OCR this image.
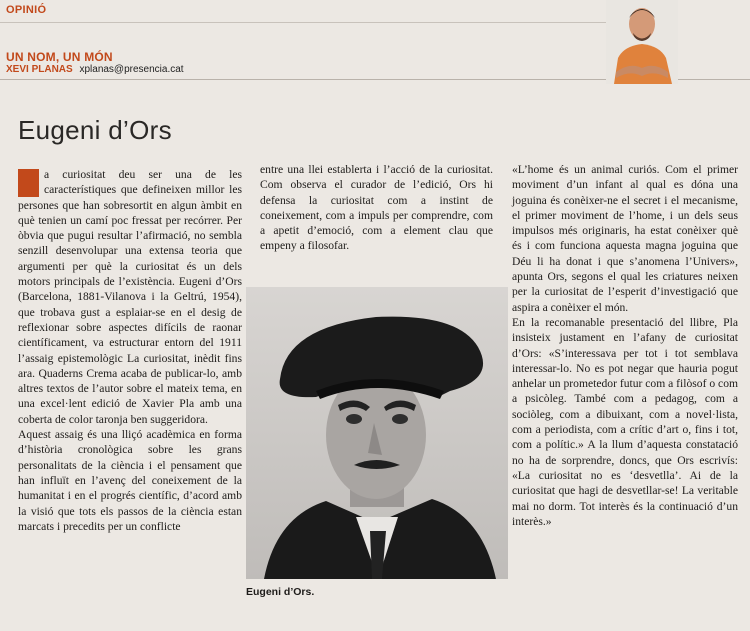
OPINIÓ
UN NOM, UN MÓN
XEVI PLANAS xplanas@presencia.cat
Eugeni d’Ors

a curiositat deu ser una de les característiques que defineixen millor les persones que han sobresortit en algun àmbit en què tenien un camí poc fressat per recórrer. Per òbvia que pugui resultar l’afirmació, no sembla senzill desenvolupar una extensa teoria que argumenti per què la curiositat és un dels motors principals de l’existència. Eugeni d’Ors (Barcelona, 1881-Vilanova i la Geltrú, 1954), que trobava gust a esplaiar-se en el desig de reflexionar sobre aspectes difícils de raonar científicament, va estructurar entorn del 1911 l’assaig epistemològic La curiositat, inèdit fins ara. Quaderns Crema acaba de publicar-lo, amb altres textos de l’autor sobre el mateix tema, en una excel·lent edició de Xavier Pla amb una coberta de color taronja ben suggeridora.

Aquest assaig és una lliçó acadèmica en forma d’història cronològica sobre les grans personalitats de la ciència i el pensament que han influït en l’avenç del coneixement de la humanitat i en el progrés científic, d’acord amb la visió que tots els passos de la ciència estan marcats i precedits per un conflicte

entre una llei establerta i l’acció de la curiositat. Com observa el curador de l’edició, Ors hi defensa la curiositat com a instint de coneixement, com a impuls per comprendre, com a apetit d’emoció, com a element clau que empeny a filosofar.

Eugeni d’Ors.

«L’home és un animal curiós. Com el primer moviment d’un infant al qual es dóna una joguina és conèixer-ne el secret i el mecanisme, el primer moviment de l’home, i un dels seus impulsos més originaris, ha estat conèixer què és i com funciona aquesta magna joguina que Déu li ha donat i que s’anomena l’Univers», apunta Ors, segons el qual les criatures neixen per la curiositat de l’esperit d’investigació que aspira a conèixer el món.

En la recomanable presentació del llibre, Pla insisteix justament en l’afany de curiositat d’Ors: «S’interessava per tot i tot semblava interessar-lo. No es pot negar que hauria pogut anhelar un prometedor futur com a filòsof o com a psicòleg. També com a pedagog, com a sociòleg, com a dibuixant, com a novel·lista, com a periodista, com a crític d’art o, fins i tot, com a polític.» A la llum d’aquesta constatació no ha de sorprendre, doncs, que Ors escrivís: «La curiositat no es ‘desvetlla’. Ai de la curiositat que hagi de desvetllar-se! La veritable mai no dorm. Tot interès és la continuació d’un interès.»
